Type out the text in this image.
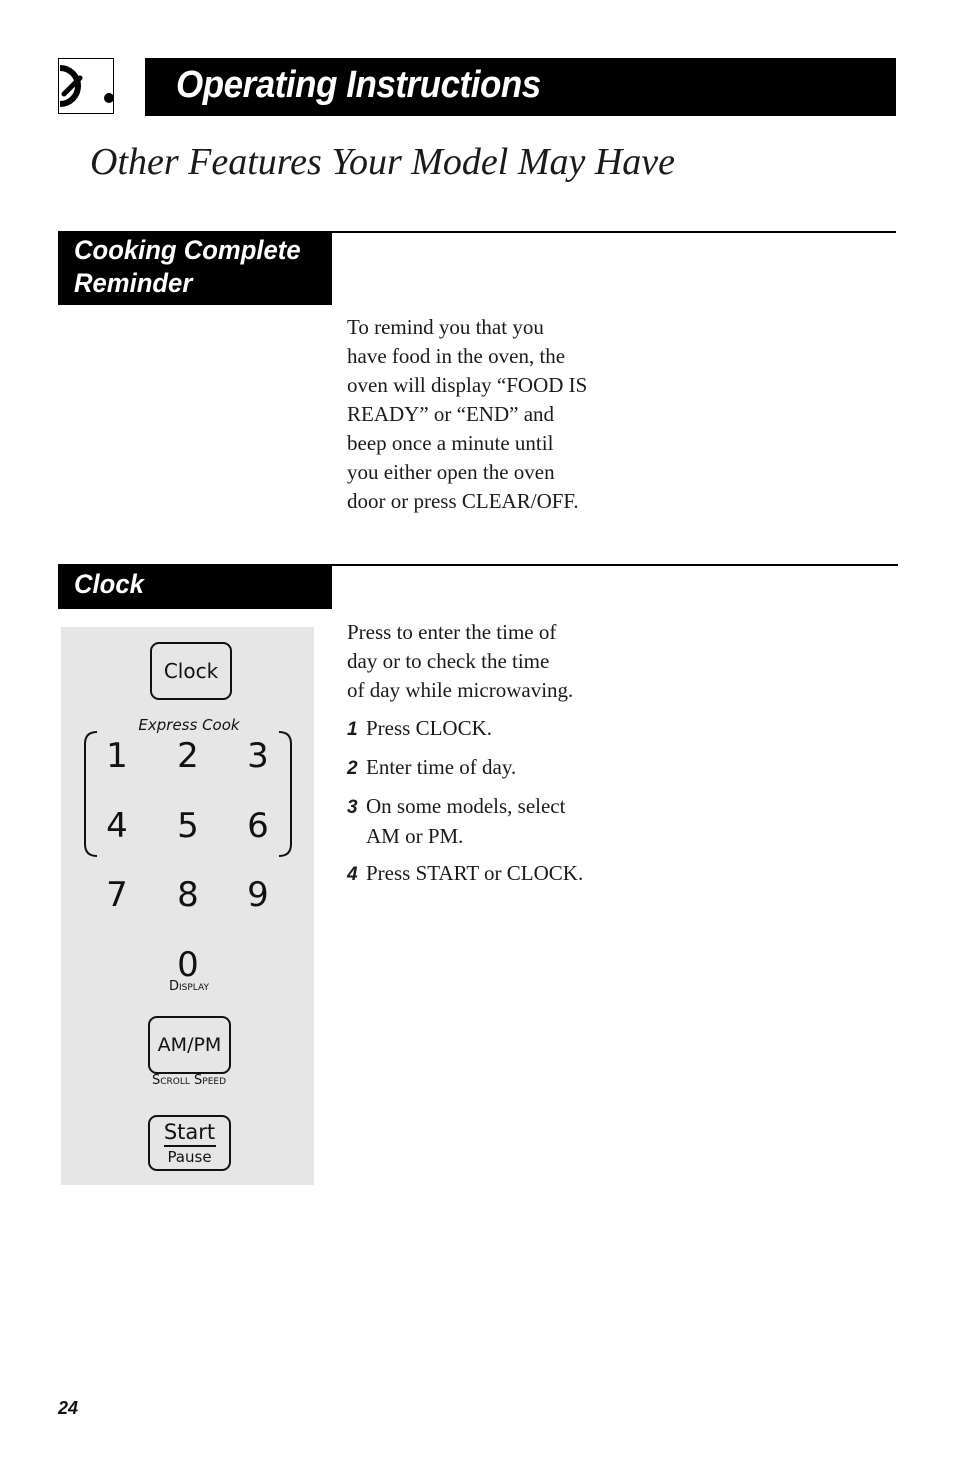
Operating Instructions
Other Features Your Model May Have
Cooking Complete
Reminder
To remind you that you
have food in the oven, the
oven will display “FOOD IS
READY” or “END” and
beep once a minute until
you either open the oven
door or press CLEAR/OFF.
Clock
Clock
Express Cook
1 2 3
4 5 6
7 8 9
0
Display
AM/PM
Scroll Speed
Start
Pause
Press to enter the time of
day or to check the time
of day while microwaving.
1 Press CLOCK.
2 Enter time of day.
3 On some models, select
AM or PM.
4 Press START or CLOCK.
24
